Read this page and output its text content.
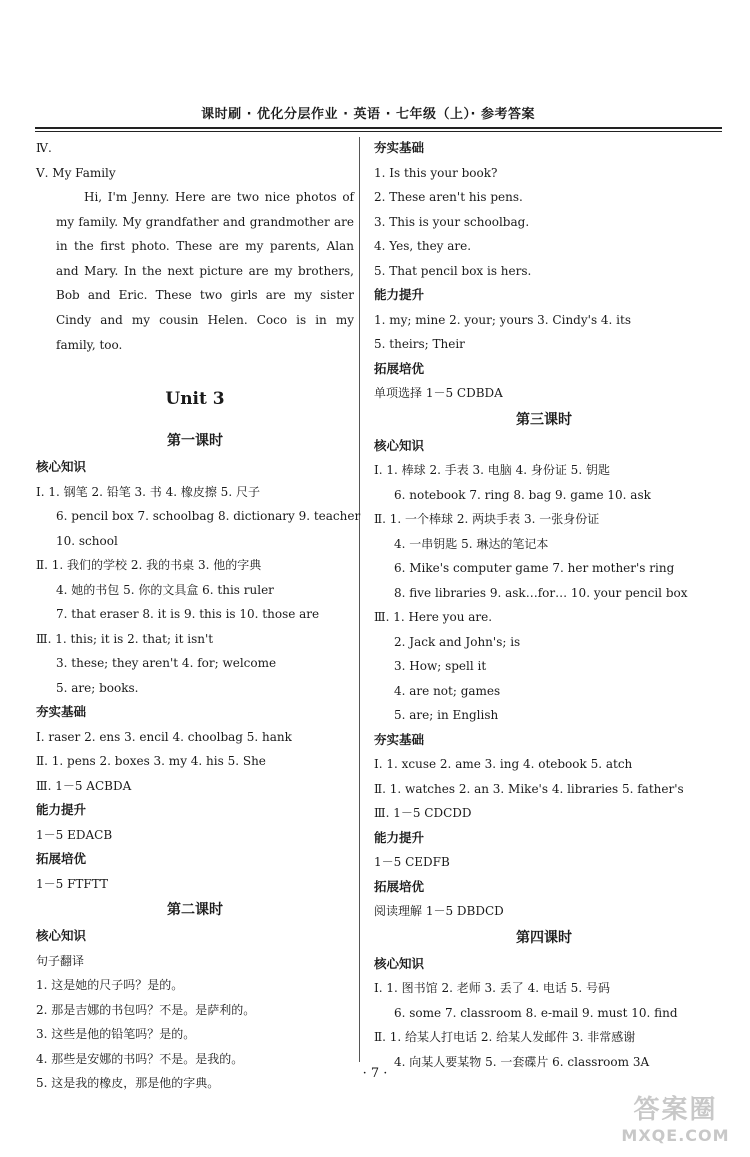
课时刷 · 优化分层作业 · 英语 · 七年级（上）· 参考答案
Ⅳ.
Ⅴ. My Family
Hi, I'm Jenny. Here are two nice photos of my family. My grandfather and grandmother are in the first photo. These are my parents, Alan and Mary. In the next picture are my brothers, Bob and Eric. These two girls are my sister Cindy and my cousin Helen. Coco is in my family, too.
Unit 3
第一课时
核心知识
Ⅰ. 1. 钢笔 2. 铅笔 3. 书 4. 橡皮擦 5. 尺子
6. pencil box 7. schoolbag 8. dictionary 9. teacher
10. school
Ⅱ. 1. 我们的学校 2. 我的书桌 3. 他的字典
4. 她的书包 5. 你的文具盒 6. this ruler
7. that eraser 8. it is 9. this is 10. those are
Ⅲ. 1. this; it is 2. that; it isn't
3. these; they aren't 4. for; welcome
5. are; books.
夯实基础
Ⅰ. raser 2. ens 3. encil 4. choolbag 5. hank
Ⅱ. 1. pens 2. boxes 3. my 4. his 5. She
Ⅲ. 1－5 ACBDA
能力提升
1－5 EDACB
拓展培优
1－5 FTFTT
第二课时
核心知识
句子翻译
1. 这是她的尺子吗？是的。
2. 那是吉娜的书包吗？不是。是萨利的。
3. 这些是他的铅笔吗？是的。
4. 那些是安娜的书吗？不是。是我的。
5. 这是我的橡皮，那是他的字典。
夯实基础
1. Is this your book?
2. These aren't his pens.
3. This is your schoolbag.
4. Yes, they are.
5. That pencil box is hers.
能力提升
1. my; mine 2. your; yours 3. Cindy's 4. its
5. theirs; Their
拓展培优
单项选择 1－5 CDBDA
第三课时
核心知识
Ⅰ. 1. 棒球 2. 手表 3. 电脑 4. 身份证 5. 钥匙
6. notebook 7. ring 8. bag 9. game 10. ask
Ⅱ. 1. 一个棒球 2. 两块手表 3. 一张身份证
4. 一串钥匙 5. 琳达的笔记本
6. Mike's computer game 7. her mother's ring
8. five libraries 9. ask…for… 10. your pencil box
Ⅲ. 1. Here you are.
2. Jack and John's; is
3. How; spell it
4. are not; games
5. are; in English
夯实基础
Ⅰ. 1. xcuse 2. ame 3. ing 4. otebook 5. atch
Ⅱ. 1. watches 2. an 3. Mike's 4. libraries 5. father's
Ⅲ. 1－5 CDCDD
能力提升
1－5 CEDFB
拓展培优
阅读理解 1－5 DBDCD
第四课时
核心知识
Ⅰ. 1. 图书馆 2. 老师 3. 丢了 4. 电话 5. 号码
6. some 7. classroom 8. e-mail 9. must 10. find
Ⅱ. 1. 给某人打电话 2. 给某人发邮件 3. 非常感谢
4. 向某人要某物 5. 一套碟片 6. classroom 3A
· 7 ·
答案圈
MXQE.COM
